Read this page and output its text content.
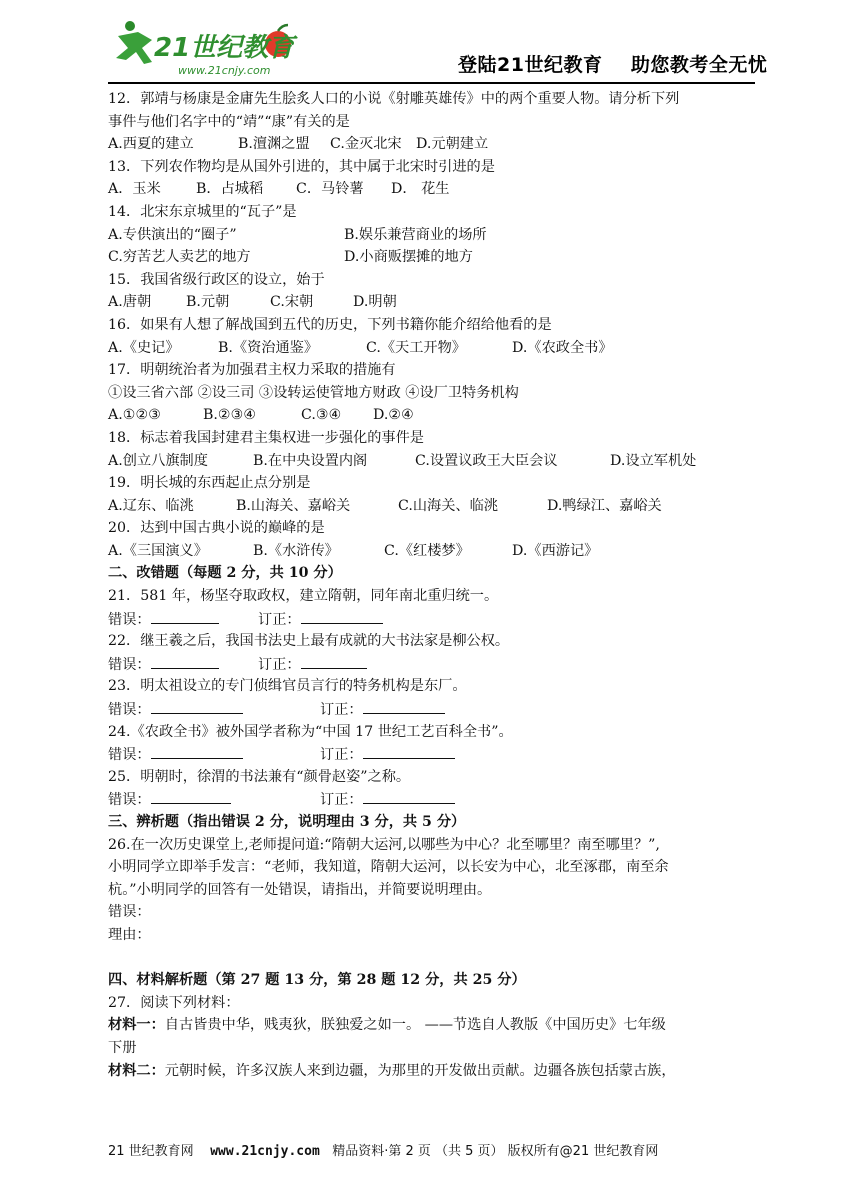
21世纪教育
www.21cnjy.com	登陆21世纪教育    助您教考全无忧
12．郭靖与杨康是金庸先生脍炙人口的小说《射雕英雄传》中的两个重要人物。请分析下列
事件与他们名字中的“靖”“康”有关的是
A.西夏的建立	B.澶渊之盟 C.金灭北宋 D.元朝建立
13．下列农作物均是从国外引进的，其中属于北宋时引进的是
A．玉米 B．占城稻 C．马铃薯 D． 花生
14．北宋东京城里的“瓦子”是
A.专供演出的“圈子”	B.娱乐兼营商业的场所
C.穷苦艺人卖艺的地方	D.小商贩摆摊的地方
15．我国省级行政区的设立，始于
A.唐朝 B.元朝	C.宋朝	D.明朝
16．如果有人想了解战国到五代的历史，下列书籍你能介绍给他看的是
A.《史记》	B.《资治通鉴》	C.《天工开物》	D.《农政全书》
17．明朝统治者为加强君主权力采取的措施有
①设三省六部 ②设三司 ③设转运使管地方财政 ④设厂卫特务机构
A.①②③	B.②③④	C.③④ D.②④
18．标志着我国封建君主集权进一步强化的事件是
A.创立八旗制度	B.在中央设置内阁	C.设置议政王大臣会议	D.设立军机处
19．明长城的东西起止点分别是
A.辽东、临洮	B.山海关、嘉峪关	C.山海关、临洮	D.鸭绿江、嘉峪关
20．达到中国古典小说的巅峰的是
A.《三国演义》	B.《水浒传》	C.《红楼梦》	D.《西游记》
二、改错题（每题 2 分，共 10 分）
21．581 年，杨坚夺取政权，建立隋朝，同年南北重归统一。
错误：	订正：
22．继王羲之后，我国书法史上最有成就的大书法家是柳公权。
错误：	订正：
23．明太祖设立的专门侦缉官员言行的特务机构是东厂。
错误：	订正：
24.《农政全书》被外国学者称为“中国 17 世纪工艺百科全书”。
错误：	订正：
25．明朝时，徐渭的书法兼有“颜骨赵姿”之称。
错误：	订正：
三、辨析题（指出错误 2 分，说明理由 3 分，共 5 分）
26.在一次历史课堂上,老师提问道:“隋朝大运河,以哪些为中心？北至哪里？南至哪里？”,
小明同学立即举手发言：“老师，我知道，隋朝大运河，以长安为中心，北至涿郡，南至余
杭。”小明同学的回答有一处错误，请指出，并简要说明理由。
错误：
理由：
四、材料解析题（第 27 题 13 分，第 28 题 12 分，共 25 分）
27．阅读下列材料：
材料一：自古皆贵中华，贱夷狄，朕独爱之如一。 ——节选自人教版《中国历史》七年级
下册
材料二：元朝时候，许多汉族人来到边疆，为那里的开发做出贡献。边疆各族包括蒙古族，
21 世纪教育网 www.21cnjy.com 精品资料·第 2 页 （共 5 页） 版权所有@21 世纪教育网
